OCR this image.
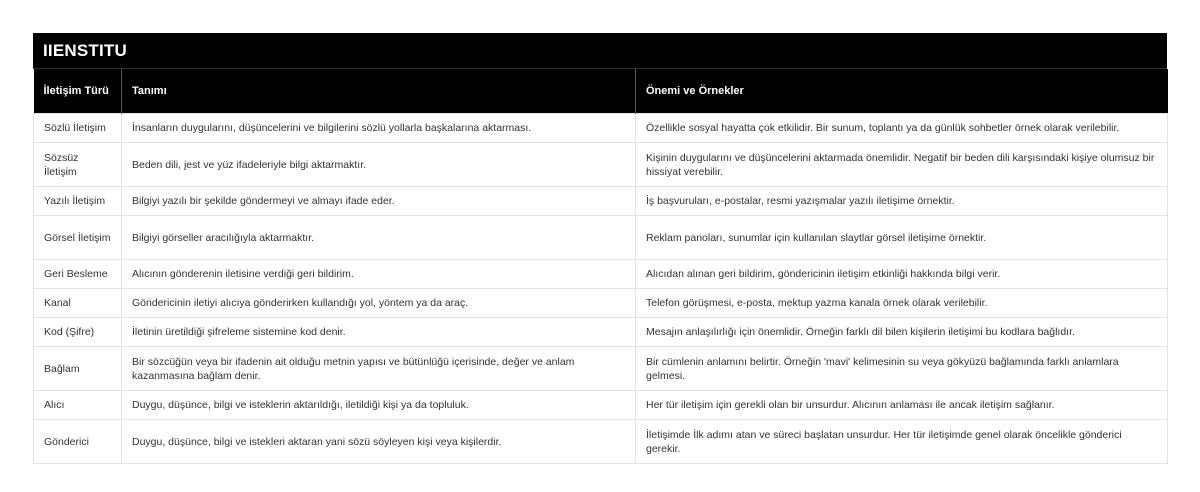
IIENSTITU
İletişim Türü	Tanımı	Önemi ve Örnekler
Sözlü İletişim	İnsanların duygularını, düşüncelerini ve bilgilerini sözlü yollarla başkalarına aktarması.	Özellikle sosyal hayatta çok etkilidir. Bir sunum, toplantı ya da günlük sohbetler örnek olarak verilebilir.
Sözsüz İletişim	Beden dili, jest ve yüz ifadeleriyle bilgi aktarmaktır.	Kişinin duygularını ve düşüncelerini aktarmada önemlidir. Negatif bir beden dili karşısındaki kişiye olumsuz bir hissiyat verebilir.
Yazılı İletişim	Bilgiyi yazılı bir şekilde göndermeyi ve almayı ifade eder.	İş başvuruları, e-postalar, resmi yazışmalar yazılı iletişime örnektir.
Görsel İletişim	Bilgiyi görseller aracılığıyla aktarmaktır.	Reklam panoları, sunumlar için kullanılan slaytlar görsel iletişime örnektir.
Geri Besleme	Alıcının gönderenin iletisine verdiği geri bildirim.	Alıcıdan alınan geri bildirim, göndericinin iletişim etkinliği hakkında bilgi verir.
Kanal	Göndericinin iletiyi alıcıya gönderirken kullandığı yol, yöntem ya da araç.	Telefon görüşmesi, e-posta, mektup yazma kanala örnek olarak verilebilir.
Kod (Şifre)	İletinin üretildiği şifreleme sistemine kod denir.	Mesajın anlaşılırlığı için önemlidir. Örneğin farklı dil bilen kişilerin iletişimi bu kodlara bağlıdır.
Bağlam	Bir sözcüğün veya bir ifadenin ait olduğu metnin yapısı ve bütünlüğü içerisinde, değer ve anlam kazanmasına bağlam denir.	Bir cümlenin anlamını belirtir. Örneğin 'mavi' kelimesinin su veya gökyüzü bağlamında farklı anlamlara gelmesi.
Alıcı	Duygu, düşünce, bilgi ve isteklerin aktarıldığı, iletildiği kişi ya da topluluk.	Her tür iletişim için gerekli olan bir unsurdur. Alıcının anlaması ile ancak iletişim sağlanır.
Gönderici	Duygu, düşünce, bilgi ve istekleri aktaran yani sözü söyleyen kişi veya kişilerdir.	İletişimde İlk adımı atan ve süreci başlatan unsurdur. Her tür iletişimde genel olarak öncelikle gönderici gerekir.
